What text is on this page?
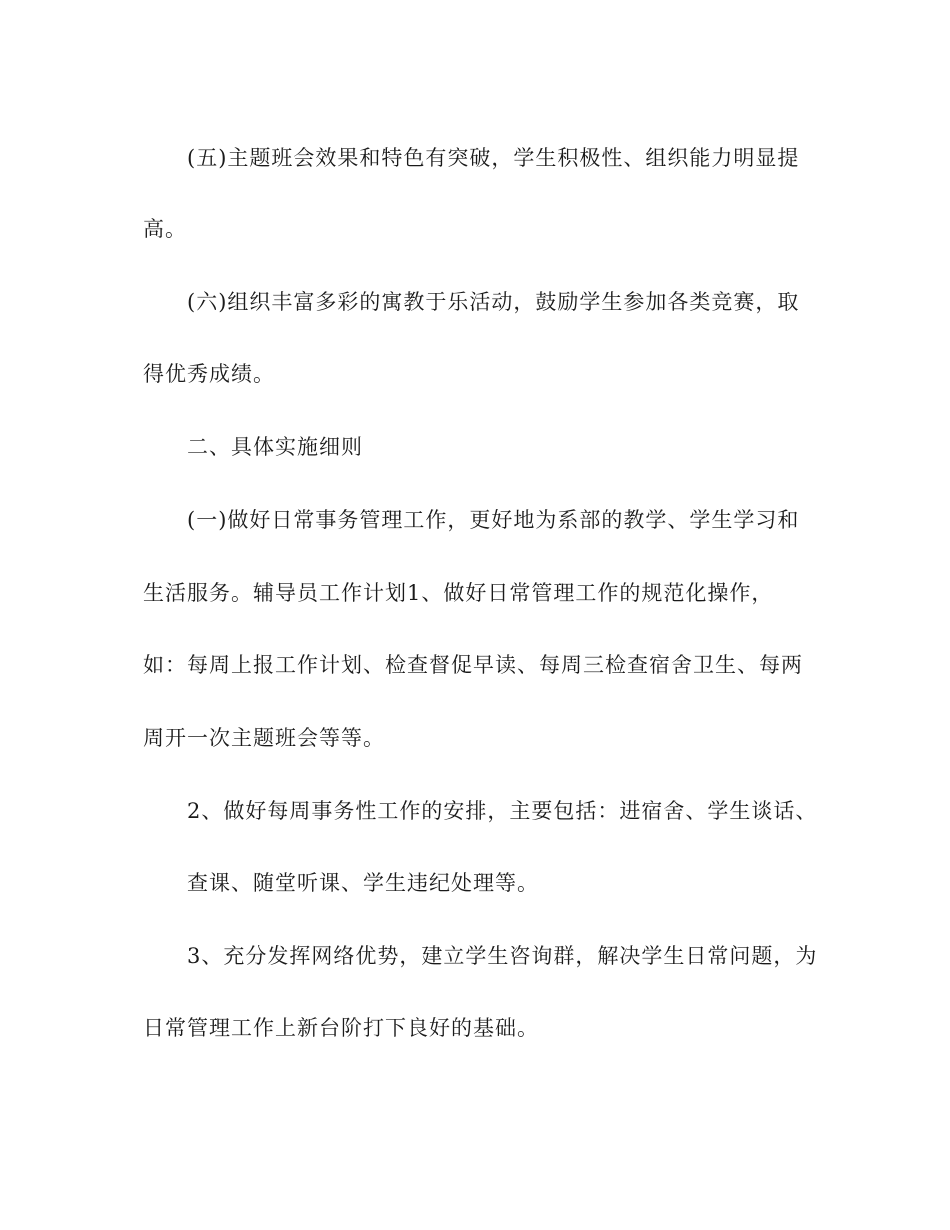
(五)主题班会效果和特色有突破，学生积极性、组织能力明显提
高。
(六)组织丰富多彩的寓教于乐活动，鼓励学生参加各类竞赛，取
得优秀成绩。
二、具体实施细则
(一)做好日常事务管理工作，更好地为系部的教学、学生学习和
生活服务。辅导员工作计划1、做好日常管理工作的规范化操作，
如：每周上报工作计划、检查督促早读、每周三检查宿舍卫生、每两
周开一次主题班会等等。
2、做好每周事务性工作的安排，主要包括：进宿舍、学生谈话、
查课、随堂听课、学生违纪处理等。
3、充分发挥网络优势，建立学生咨询群，解决学生日常问题，为
日常管理工作上新台阶打下良好的基础。
